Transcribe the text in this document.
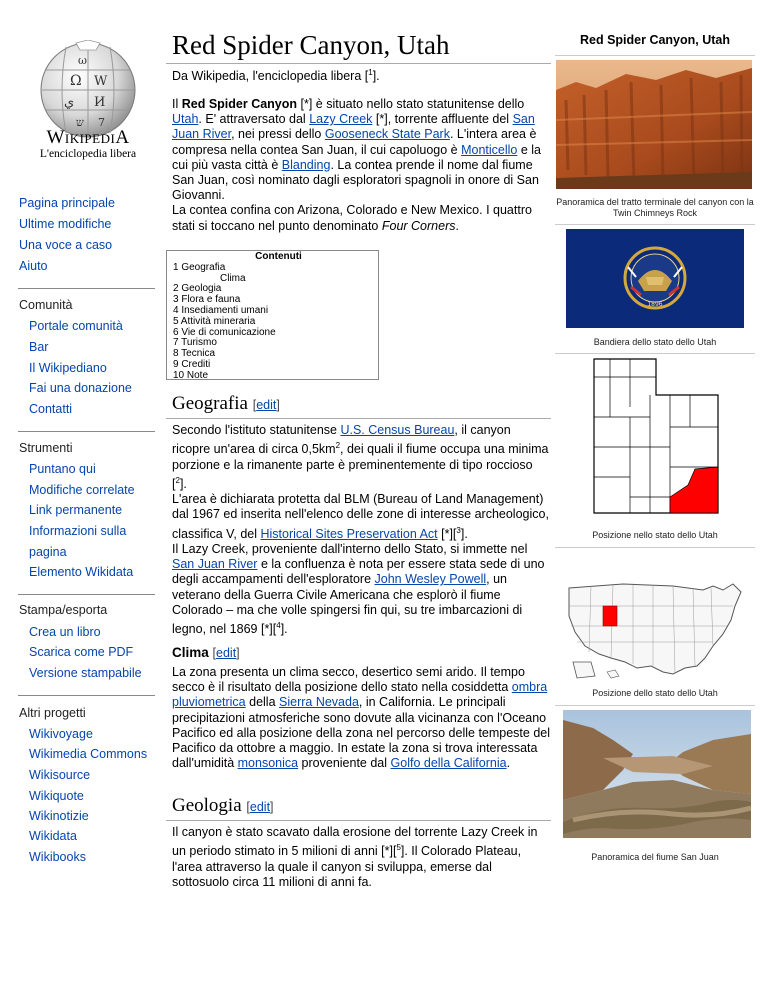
Ω W
ي И
ש 7
ω
WikipediA
L'enciclopedia libera
Pagina principale
Ultime modifiche
Una voce a caso
Aiuto
Comunità
Portale comunità
Bar
Il Wikipediano
Fai una donazione
Contatti
Strumenti
Puntano qui
Modifiche correlate
Link permanente
Informazioni sulla
pagina
Elemento Wikidata
Stampa/esporta
Crea un libro
Scarica come PDF
Versione stampabile
Altri progetti
Wikivoyage
Wikimedia Commons
Wikisource
Wikiquote
Wikinotizie
Wikidata
Wikibooks
Red Spider Canyon, Utah
Da Wikipedia, l'enciclopedia libera [$^1$].

Il Red Spider Canyon [*] è situato nello stato statunitense dello Utah. E' attraversato dal Lazy Creek [*], torrente affluente del San Juan River, nei pressi dello Gooseneck State Park. L'intera area è compresa nella contea San Juan, il cui capoluogo è Monticello e la cui più vasta città è Blanding. La contea prende il nome dal fiume San Juan, così nominato dagli esploratori spagnoli in onore di San Giovanni.

La contea confina con Arizona, Colorado e New Mexico. I quattro stati si toccano nel punto denominato Four Corners.

Contenuti
1 Geografia
Clima
2 Geologia
3 Flora e fauna
4 Insediamenti umani
5 Attività mineraria
6 Vie di comunicazione
7 Turismo
8 Tecnica
9 Crediti
10 Note
Geografia [edit]

Secondo l'istituto statunitense U.S. Census Bureau, il canyon ricopre un'area di circa $0,5km^2$, dei quali il fiume occupa una minima porzione e la rimanente parte è preminentemente di tipo roccioso [$^2$].

L'area è dichiarata protetta dal BLM (Bureau of Land Management) dal 1967 ed inserita nell'elenco delle zone di interesse archeologico, classifica V, del Historical Sites Preservation Act [*][$^3$].

Il Lazy Creek, proveniente dall'interno dello Stato, si immette nel San Juan River e la confluenza è nota per essere stata sede di uno degli accampamenti dell'esploratore John Wesley Powell, un veterano della Guerra Civile Americana che esplorò il fiume Colorado – ma che volle spingersi fin qui, su tre imbarcazioni di legno, nel 1869 [*][$^4$].

Clima [edit]

La zona presenta un clima secco, desertico semi arido. Il tempo secco è il risultato della posizione dello stato nella cosiddetta ombra pluviometrica della Sierra Nevada, in California. Le principali precipitazioni atmosferiche sono dovute alla vicinanza con l'Oceano Pacifico ed alla posizione della zona nel percorso delle tempeste del Pacifico da ottobre a maggio. In estate la zona si trova interessata dall'umidità monsonica proveniente dal Golfo della California.

Geologia [edit]

Il canyon è stato scavato dalla erosione del torrente Lazy Creek in un periodo stimato in 5 milioni di anni [*][$^5$]. Il Colorado Plateau, l'area attraverso la quale il canyon si sviluppa, emerse dal sottosuolo circa 11 milioni di anni fa.

Red Spider Canyon, Utah
Panoramica del tratto terminale del canyon con la Twin Chimneys Rock
1896
Bandiera dello stato dello Utah
Posizione nello stato dello Utah
Posizione dello stato dello Utah
Panoramica del fiume San Juan
